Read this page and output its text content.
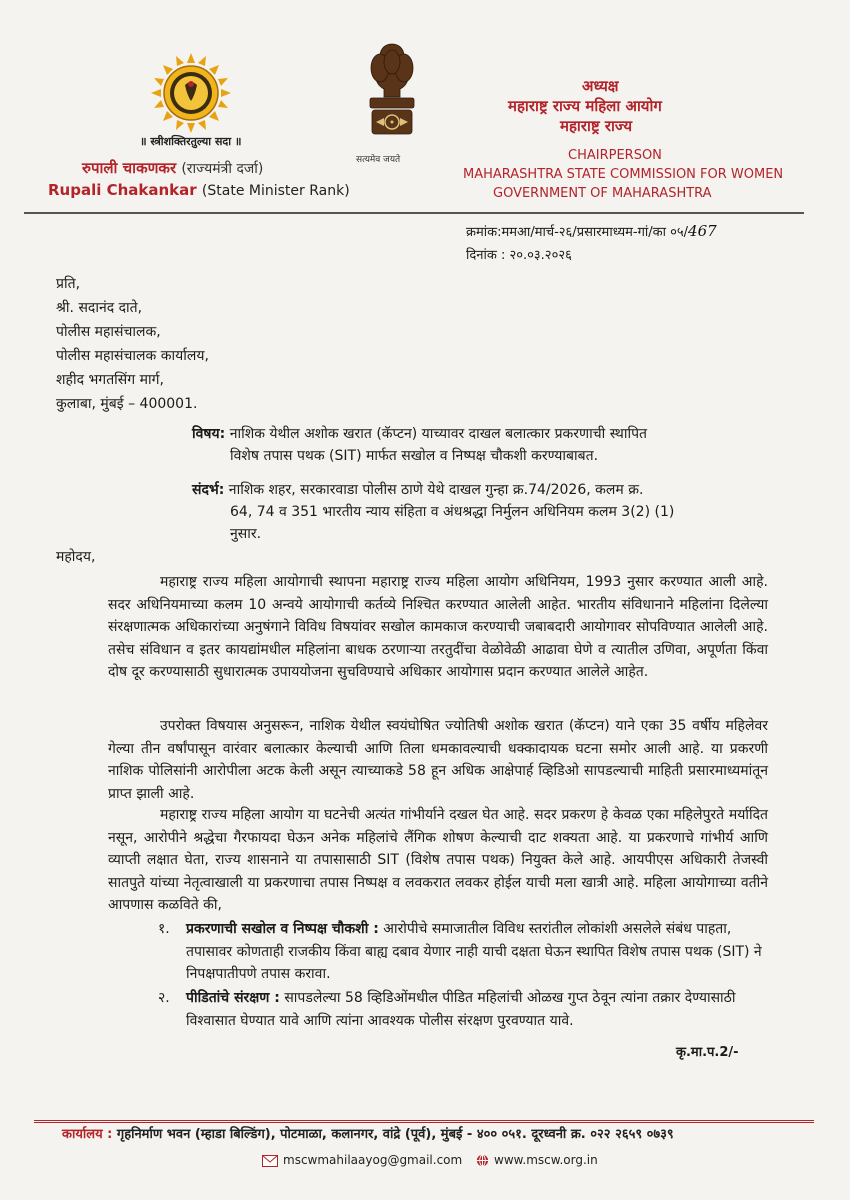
॥ स्त्रीशक्तिरतुल्या सदा ॥
रुपाली चाकणकर (राज्यमंत्री दर्जा)
Rupali Chakankar (State Minister Rank)
सत्यमेव जयते
अध्यक्ष
महाराष्ट्र राज्य महिला आयोग
महाराष्ट्र राज्य
CHAIRPERSON
MAHARASHTRA STATE COMMISSION FOR WOMEN
GOVERNMENT OF MAHARASHTRA
क्रमांक:ममआ/मार्च-२६/प्रसारमाध्यम-गां/का ०५/467
दिनांक : २०.०३.२०२६
प्रति,
श्री. सदानंद दाते,
पोलीस महासंचालक,
पोलीस महासंचालक कार्यालय,
शहीद भगतसिंग मार्ग,
कुलाबा, मुंबई – 400001.
विषय: नाशिक येथील अशोक खरात (कॅप्टन) याच्यावर दाखल बलात्कार प्रकरणाची स्थापित
विशेष तपास पथक (SIT) मार्फत सखोल व निष्पक्ष चौकशी करण्याबाबत.
संदर्भ: नाशिक शहर, सरकारवाडा पोलीस ठाणे येथे दाखल गुन्हा क्र.74/2026, कलम क्र.
64, 74 व 351 भारतीय न्याय संहिता व अंधश्रद्धा निर्मुलन अधिनियम कलम 3(2) (1)
नुसार.
महोदय,
महाराष्ट्र राज्य महिला आयोगाची स्थापना महाराष्ट्र राज्य महिला आयोग अधिनियम, 1993 नुसार करण्यात आली आहे. सदर अधिनियमाच्या कलम 10 अन्वये आयोगाची कर्तव्ये निश्चित करण्यात आलेली आहेत. भारतीय संविधानाने महिलांना दिलेल्या संरक्षणात्मक अधिकारांच्या अनुषंगाने विविध विषयांवर सखोल कामकाज करण्याची जबाबदारी आयोगावर सोपविण्यात आलेली आहे. तसेच संविधान व इतर कायद्यांमधील महिलांना बाधक ठरणाऱ्या तरतुदींचा वेळोवेळी आढावा घेणे व त्यातील उणिवा, अपूर्णता किंवा दोष दूर करण्यासाठी सुधारात्मक उपाययोजना सुचविण्याचे अधिकार आयोगास प्रदान करण्यात आलेले आहेत.
उपरोक्त विषयास अनुसरून, नाशिक येथील स्वयंघोषित ज्योतिषी अशोक खरात (कॅप्टन) याने एका 35 वर्षीय महिलेवर गेल्या तीन वर्षांपासून वारंवार बलात्कार केल्याची आणि तिला धमकावल्याची धक्कादायक घटना समोर आली आहे. या प्रकरणी नाशिक पोलिसांनी आरोपीला अटक केली असून त्याच्याकडे 58 हून अधिक आक्षेपार्ह व्हिडिओ सापडल्याची माहिती प्रसारमाध्यमांतून प्राप्त झाली आहे.
महाराष्ट्र राज्य महिला आयोग या घटनेची अत्यंत गांभीर्याने दखल घेत आहे. सदर प्रकरण हे केवळ एका महिलेपुरते मर्यादित नसून, आरोपीने श्रद्धेचा गैरफायदा घेऊन अनेक महिलांचे लैंगिक शोषण केल्याची दाट शक्यता आहे. या प्रकरणाचे गांभीर्य आणि व्याप्ती लक्षात घेता, राज्य शासनाने या तपासासाठी SIT (विशेष तपास पथक) नियुक्त केले आहे. आयपीएस अधिकारी तेजस्वी सातपुते यांच्या नेतृत्वाखाली या प्रकरणाचा तपास निष्पक्ष व लवकरात लवकर होईल याची मला खात्री आहे. महिला आयोगाच्या वतीने आपणास कळविते की,
१.	प्रकरणाची सखोल व निष्पक्ष चौकशी : आरोपीचे समाजातील विविध स्तरांतील लोकांशी असलेले संबंध पाहता, तपासावर कोणताही राजकीय किंवा बाह्य दबाव येणार नाही याची दक्षता घेऊन स्थापित विशेष तपास पथक (SIT) ने निपक्षपातीपणे तपास करावा.
२.	पीडितांचे संरक्षण : सापडलेल्या 58 व्हिडिओंमधील पीडित महिलांची ओळख गुप्त ठेवून त्यांना तक्रार देण्यासाठी विश्वासात घेण्यात यावे आणि त्यांना आवश्यक पोलीस संरक्षण पुरवण्यात यावे.
कृ.मा.प.2/-
कार्यालय : गृहनिर्माण भवन (म्हाडा बिल्डिंग), पोटमाळा, कलानगर, वांद्रे (पूर्व), मुंबई - ४०० ०५१. दूरध्वनी क्र. ०२२ २६५९ ०७३९
mscwmahilaayog@gmail.com	www.mscw.org.in
